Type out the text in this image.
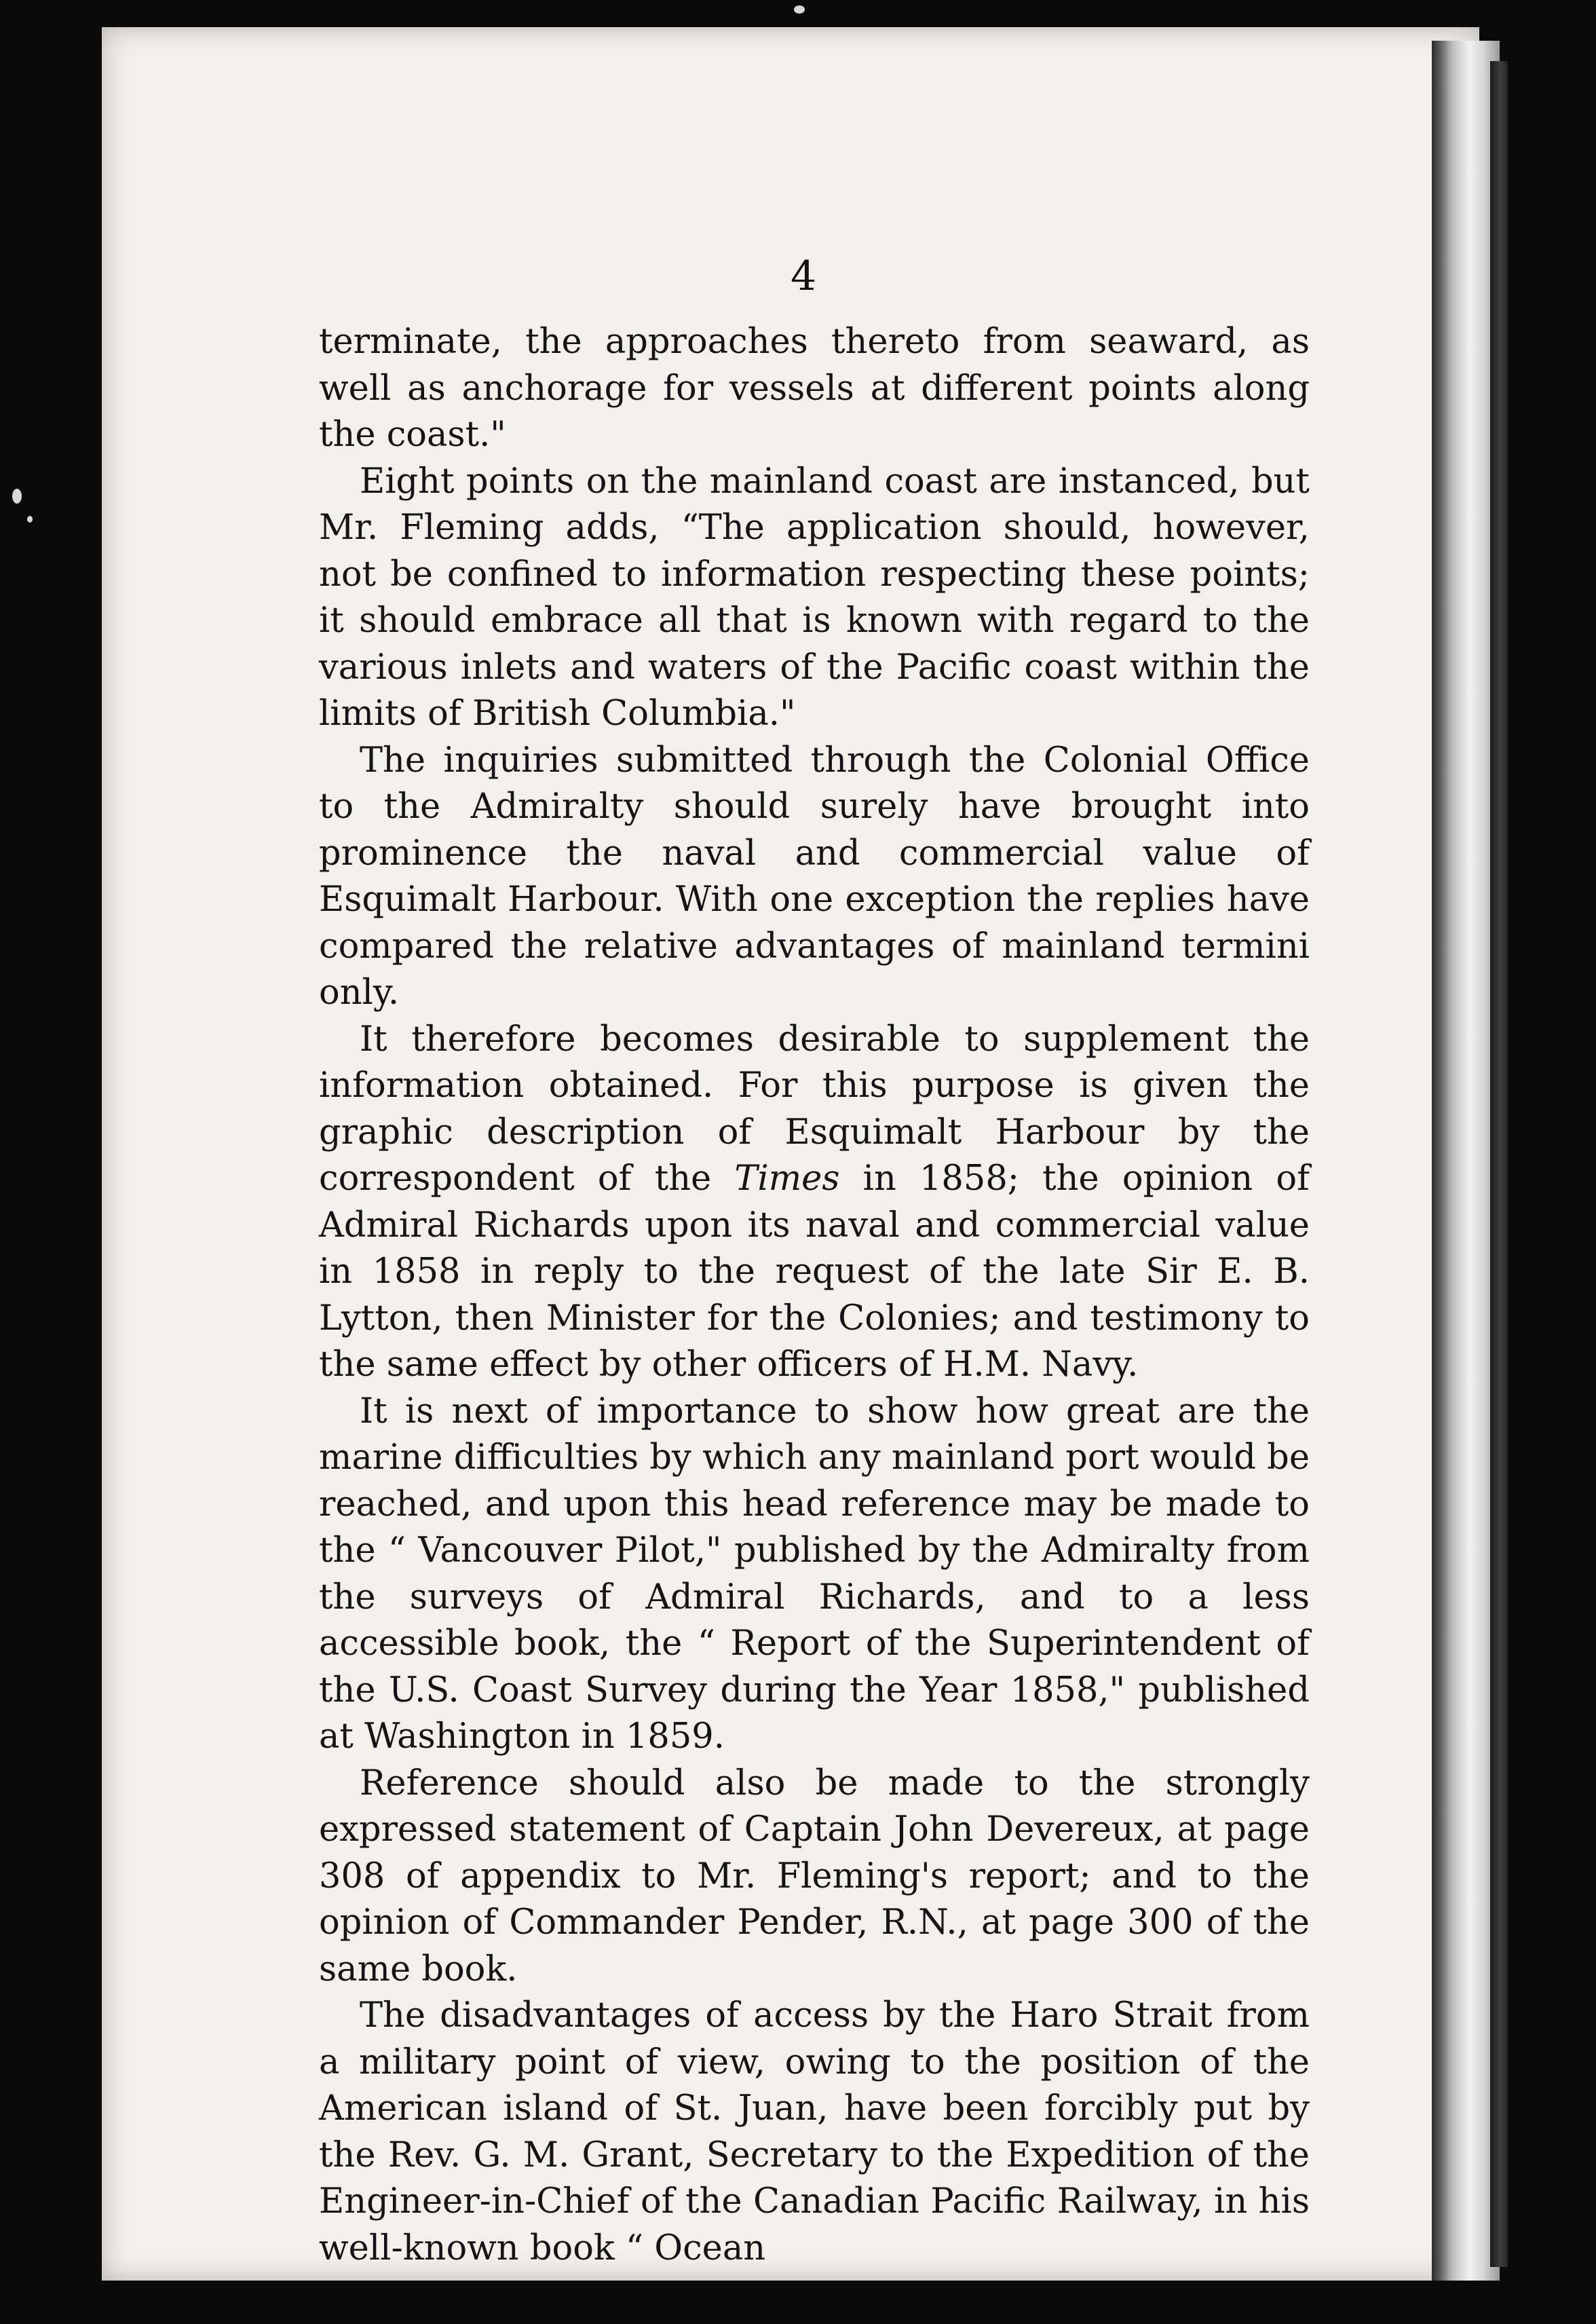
4

terminate, the approaches thereto from seaward, as well as anchorage for vessels at different points along the coast."

Eight points on the mainland coast are instanced, but Mr. Fleming adds, “The application should, however, not be confined to information respecting these points; it should embrace all that is known with regard to the various inlets and waters of the Pacific coast within the limits of British Columbia."

The inquiries submitted through the Colonial Office to the Admiralty should surely have brought into prominence the naval and commercial value of Esquimalt Harbour. With one exception the replies have compared the relative advantages of mainland termini only.

It therefore becomes desirable to supplement the information obtained. For this purpose is given the graphic description of Esquimalt Harbour by the correspondent of the Times in 1858; the opinion of Admiral Richards upon its naval and commercial value in 1858 in reply to the request of the late Sir E. B. Lytton, then Minister for the Colonies; and testimony to the same effect by other officers of H.M. Navy.

It is next of importance to show how great are the marine difficulties by which any mainland port would be reached, and upon this head reference may be made to the “ Vancouver Pilot," published by the Admiralty from the surveys of Admiral Richards, and to a less accessible book, the “ Report of the Superintendent of the U.S. Coast Survey during the Year 1858," published at Washington in 1859.

Reference should also be made to the strongly expressed statement of Captain John Devereux, at page 308 of appendix to Mr. Fleming's report; and to the opinion of Commander Pender, R.N., at page 300 of the same book.

The disadvantages of access by the Haro Strait from a military point of view, owing to the position of the American island of St. Juan, have been forcibly put by the Rev. G. M. Grant, Secretary to the Expedition of the Engineer-in-Chief of the Canadian Pacific Railway, in his well-known book “ Ocean
